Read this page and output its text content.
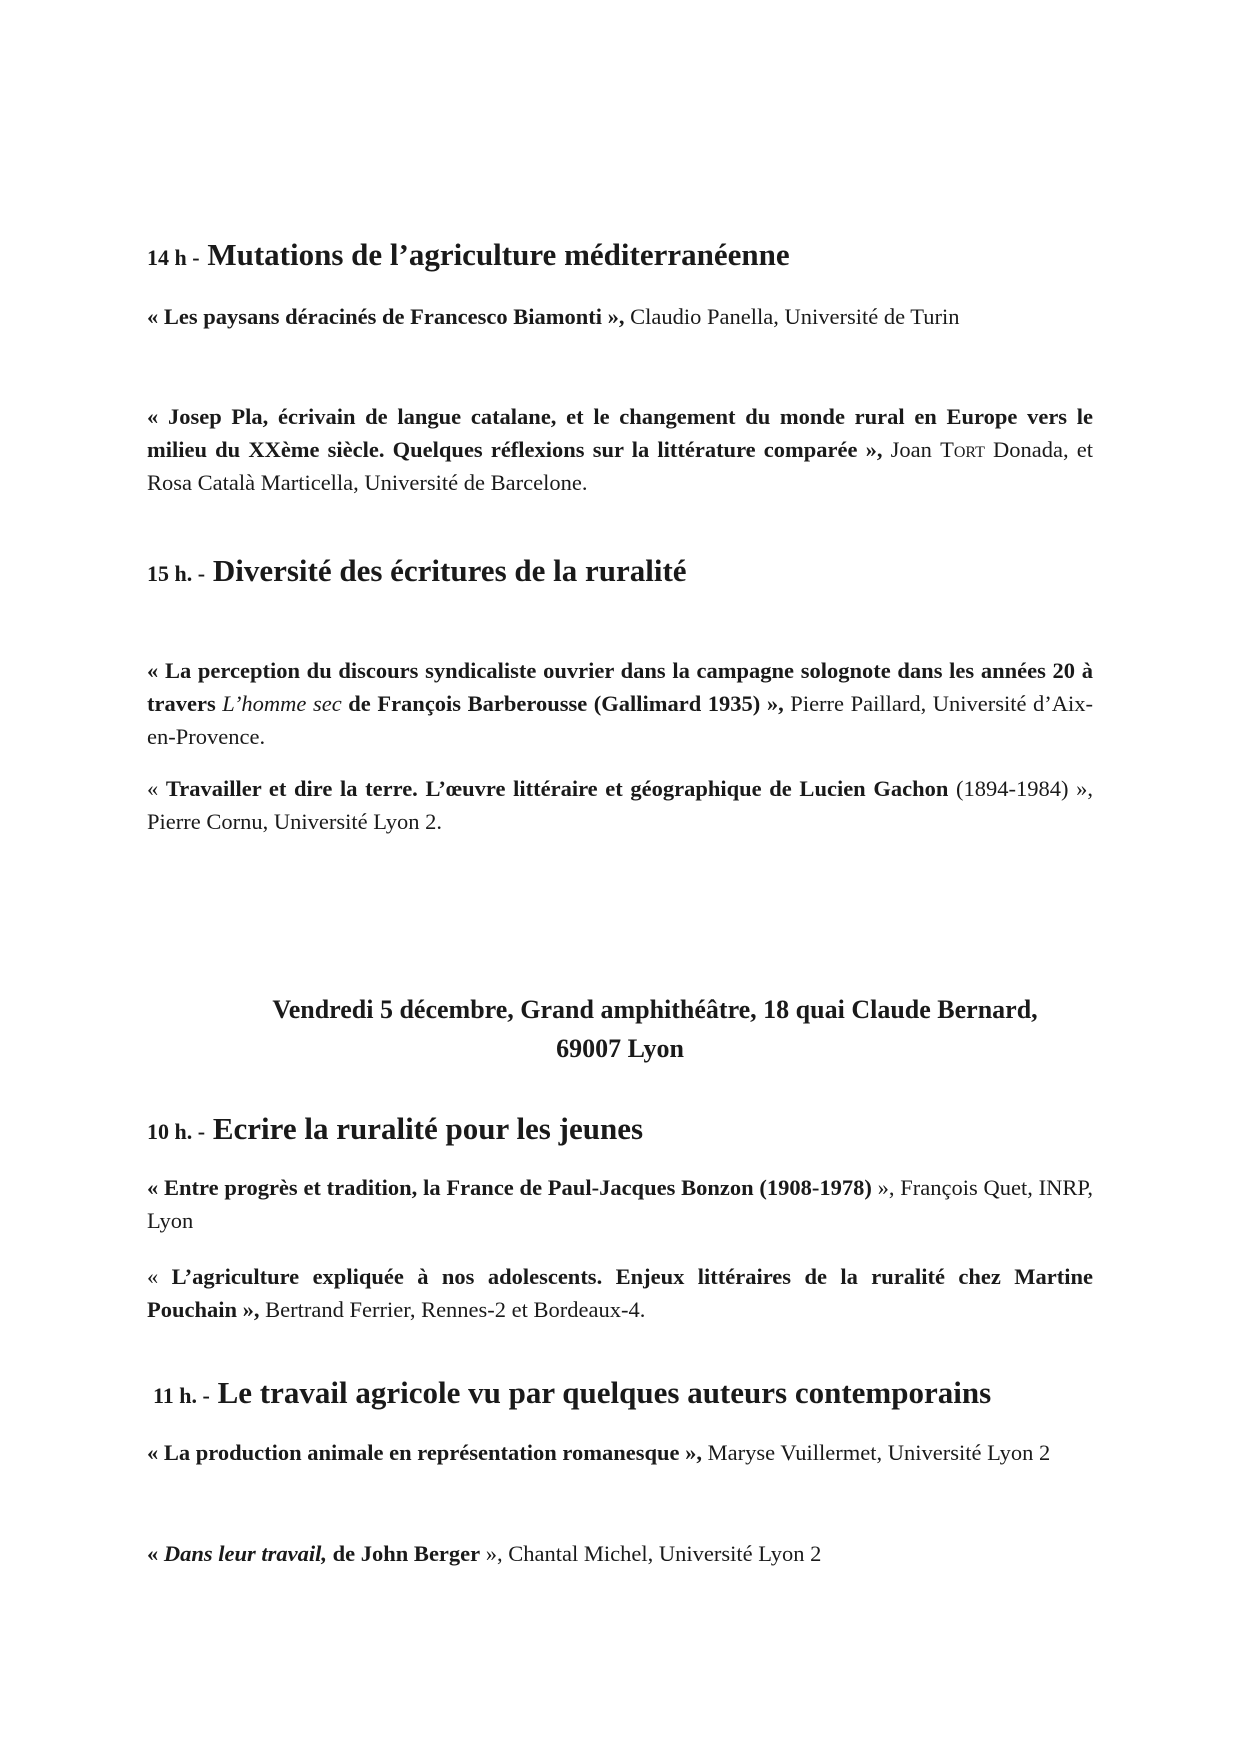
14 h - Mutations de l’agriculture méditerranéenne

« Les paysans déracinés de Francesco Biamonti », Claudio Panella, Université de Turin

« Josep Pla, écrivain de langue catalane, et le changement du monde rural en Europe vers le milieu du XXème siècle. Quelques réflexions sur la littérature comparée », Joan Tort Donada, et Rosa Català Marticella, Université de Barcelone.

15 h. - Diversité des écritures de la ruralité

« La perception du discours syndicaliste ouvrier dans la campagne solognote dans les années 20 à travers L’homme sec de François Barberousse (Gallimard 1935) », Pierre Paillard, Université d’Aix-en-Provence.

« Travailler et dire la terre. L’œuvre littéraire et géographique de Lucien Gachon (1894-1984) », Pierre Cornu, Université Lyon 2.

Vendredi 5 décembre, Grand amphithéâtre, 18 quai Claude Bernard,
69007 Lyon
10 h. - Ecrire la ruralité pour les jeunes

« Entre progrès et tradition, la France de Paul-Jacques Bonzon (1908-1978) », François Quet, INRP, Lyon

« L’agriculture expliquée à nos adolescents. Enjeux littéraires de la ruralité chez Martine Pouchain », Bertrand Ferrier, Rennes-2 et Bordeaux-4.

11 h. - Le travail agricole vu par quelques auteurs contemporains

« La production animale en représentation romanesque », Maryse Vuillermet, Université Lyon 2

« Dans leur travail, de John Berger », Chantal Michel, Université Lyon 2
